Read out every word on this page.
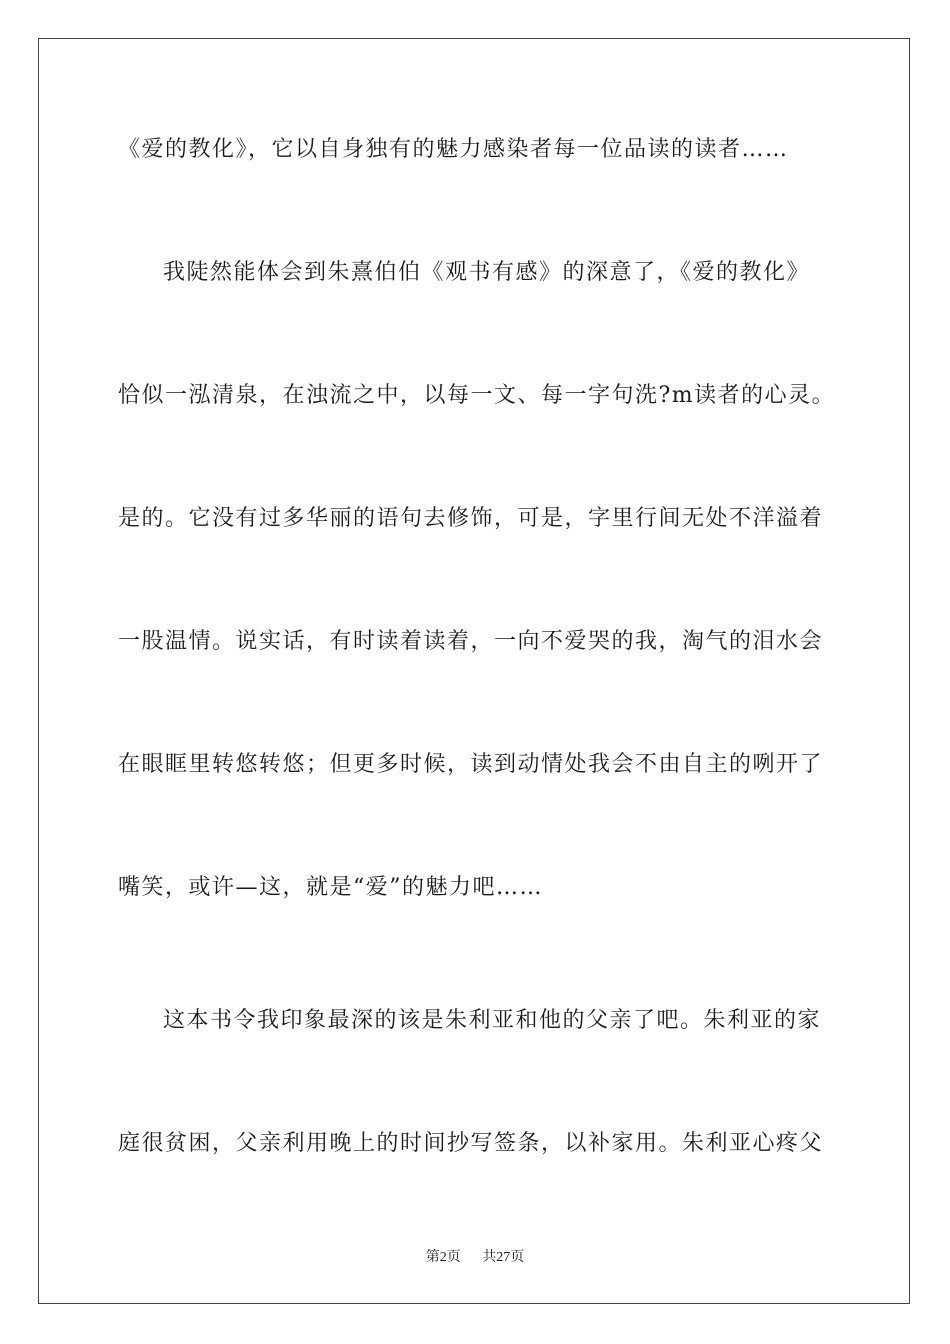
《爱的教化》，它以自身独有的魅力感染者每一位品读的读者……
我陡然能体会到朱熹伯伯《观书有感》的深意了，《爱的教化》
恰似一泓清泉，在浊流之中，以每一文、每一字句洗?m读者的心灵。
是的。它没有过多华丽的语句去修饰，可是，字里行间无处不洋溢着
一股温情。说实话，有时读着读着，一向不爱哭的我，淘气的泪水会
在眼眶里转悠转悠；但更多时候，读到动情处我会不由自主的咧开了
嘴笑，或许—这，就是“爱”的魅力吧……
这本书令我印象最深的该是朱利亚和他的父亲了吧。朱利亚的家
庭很贫困，父亲利用晚上的时间抄写签条，以补家用。朱利亚心疼父
第2页 共27页
